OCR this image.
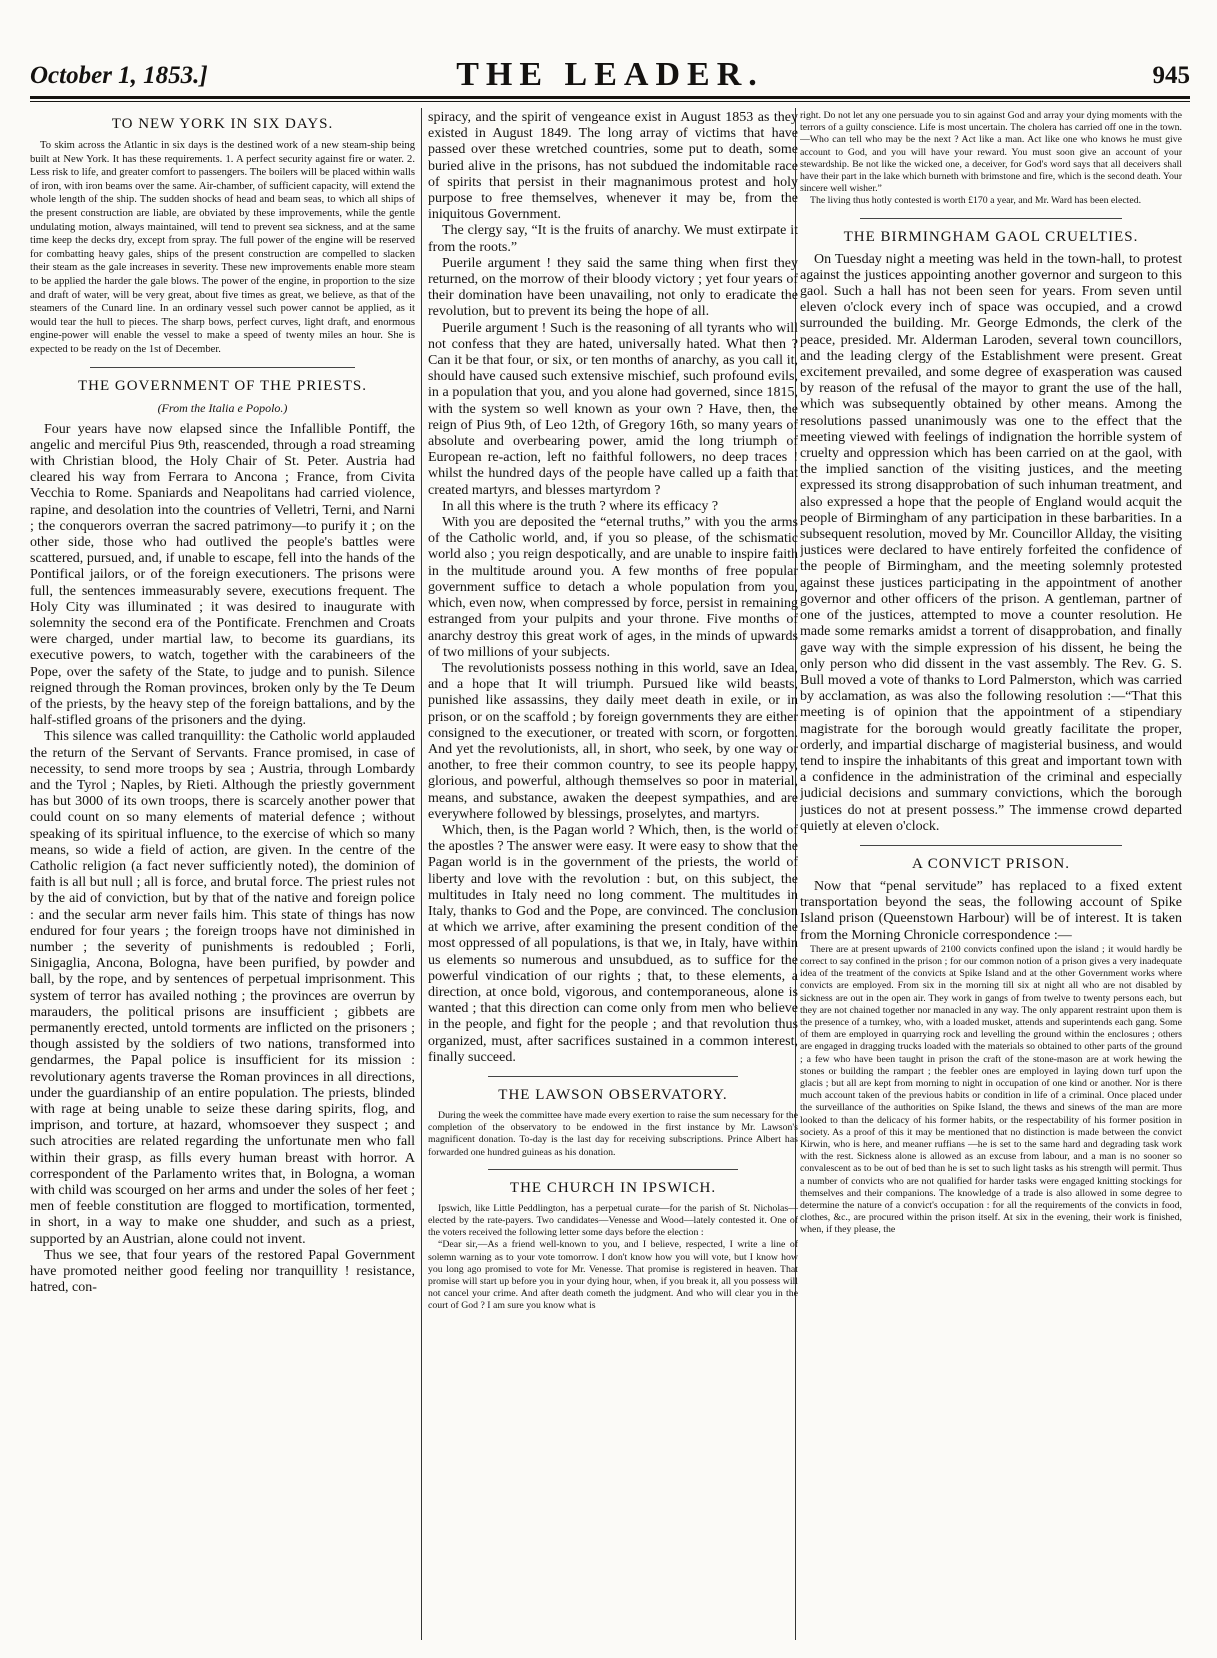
October 1, 1853.]	THE LEADER.	945
TO NEW YORK IN SIX DAYS.

To skim across the Atlantic in six days is the destined work of a new steam-ship being built at New York. It has these requirements. 1. A perfect security against fire or water. 2. Less risk to life, and greater comfort to passengers. The boilers will be placed within walls of iron, with iron beams over the same. Air-chamber, of sufficient capacity, will extend the whole length of the ship. The sudden shocks of head and beam seas, to which all ships of the present construction are liable, are obviated by these improvements, while the gentle undulating motion, always maintained, will tend to prevent sea sickness, and at the same time keep the decks dry, except from spray. The full power of the engine will be reserved for combatting heavy gales, ships of the present construction are compelled to slacken their steam as the gale increases in severity. These new improvements enable more steam to be applied the harder the gale blows. The power of the engine, in proportion to the size and draft of water, will be very great, about five times as great, we believe, as that of the steamers of the Cunard line. In an ordinary vessel such power cannot be applied, as it would tear the hull to pieces. The sharp bows, perfect curves, light draft, and enormous engine-power will enable the vessel to make a speed of twenty miles an hour. She is expected to be ready on the 1st of December.

THE GOVERNMENT OF THE PRIESTS.
(From the Italia e Popolo.)

Four years have now elapsed since the Infallible Pontiff, the angelic and merciful Pius 9th, reascended, through a road streaming with Christian blood, the Holy Chair of St. Peter. Austria had cleared his way from Ferrara to Ancona ; France, from Civita Vecchia to Rome. Spaniards and Neapolitans had carried violence, rapine, and desolation into the countries of Velletri, Terni, and Narni ; the conquerors overran the sacred patrimony—to purify it ; on the other side, those who had outlived the people's battles were scattered, pursued, and, if unable to escape, fell into the hands of the Pontifical jailors, or of the foreign executioners. The prisons were full, the sentences immeasurably severe, executions frequent. The Holy City was illuminated ; it was desired to inaugurate with solemnity the second era of the Pontificate. Frenchmen and Croats were charged, under martial law, to become its guardians, its executive powers, to watch, together with the carabineers of the Pope, over the safety of the State, to judge and to punish. Silence reigned through the Roman provinces, broken only by the Te Deum of the priests, by the heavy step of the foreign battalions, and by the half-stifled groans of the prisoners and the dying.

This silence was called tranquillity: the Catholic world applauded the return of the Servant of Servants. France promised, in case of necessity, to send more troops by sea ; Austria, through Lombardy and the Tyrol ; Naples, by Rieti. Although the priestly government has but 3000 of its own troops, there is scarcely another power that could count on so many elements of material defence ; without speaking of its spiritual influence, to the exercise of which so many means, so wide a field of action, are given. In the centre of the Catholic religion (a fact never sufficiently noted), the dominion of faith is all but null ; all is force, and brutal force. The priest rules not by the aid of conviction, but by that of the native and foreign police : and the secular arm never fails him. This state of things has now endured for four years ; the foreign troops have not diminished in number ; the severity of punishments is redoubled ; Forli, Sinigaglia, Ancona, Bologna, have been purified, by powder and ball, by the rope, and by sentences of perpetual imprisonment. This system of terror has availed nothing ; the provinces are overrun by marauders, the political prisons are insufficient ; gibbets are permanently erected, untold torments are inflicted on the prisoners ; though assisted by the soldiers of two nations, transformed into gendarmes, the Papal police is insufficient for its mission : revolutionary agents traverse the Roman provinces in all directions, under the guardianship of an entire population. The priests, blinded with rage at being unable to seize these daring spirits, flog, and imprison, and torture, at hazard, whomsoever they suspect ; and such atrocities are related regarding the unfortunate men who fall within their grasp, as fills every human breast with horror. A correspondent of the Parlamento writes that, in Bologna, a woman with child was scourged on her arms and under the soles of her feet ; men of feeble constitution are flogged to mortification, tormented, in short, in a way to make one shudder, and such as a priest, supported by an Austrian, alone could not invent.

Thus we see, that four years of the restored Papal Government have promoted neither good feeling nor tranquillity ! resistance, hatred, con-

spiracy, and the spirit of vengeance exist in August 1853 as they existed in August 1849. The long array of victims that have passed over these wretched countries, some put to death, some buried alive in the prisons, has not subdued the indomitable race of spirits that persist in their magnanimous protest and holy purpose to free themselves, whenever it may be, from the iniquitous Government.

The clergy say, “It is the fruits of anarchy. We must extirpate it from the roots.”

Puerile argument ! they said the same thing when first they returned, on the morrow of their bloody victory ; yet four years of their domination have been unavailing, not only to eradicate the revolution, but to prevent its being the hope of all.

Puerile argument ! Such is the reasoning of all tyrants who will not confess that they are hated, universally hated. What then ? Can it be that four, or six, or ten months of anarchy, as you call it, should have caused such extensive mischief, such profound evils, in a population that you, and you alone had governed, since 1815, with the system so well known as your own ? Have, then, the reign of Pius 9th, of Leo 12th, of Gregory 16th, so many years of absolute and overbearing power, amid the long triumph of European re-action, left no faithful followers, no deep traces ! whilst the hundred days of the people have called up a faith that created martyrs, and blesses martyrdom ?

In all this where is the truth ? where its efficacy ?

With you are deposited the “eternal truths,” with you the arms of the Catholic world, and, if you so please, of the schismatic world also ; you reign despotically, and are unable to inspire faith in the multitude around you. A few months of free popular government suffice to detach a whole population from you, which, even now, when compressed by force, persist in remaining estranged from your pulpits and your throne. Five months of anarchy destroy this great work of ages, in the minds of upwards of two millions of your subjects.

The revolutionists possess nothing in this world, save an Idea, and a hope that It will triumph. Pursued like wild beasts, punished like assassins, they daily meet death in exile, or in prison, or on the scaffold ; by foreign governments they are either consigned to the executioner, or treated with scorn, or forgotten. And yet the revolutionists, all, in short, who seek, by one way or another, to free their common country, to see its people happy, glorious, and powerful, although themselves so poor in material, means, and substance, awaken the deepest sympathies, and are everywhere followed by blessings, proselytes, and martyrs.

Which, then, is the Pagan world ? Which, then, is the world of the apostles ? The answer were easy. It were easy to show that the Pagan world is in the government of the priests, the world of liberty and love with the revolution : but, on this subject, the multitudes in Italy need no long comment. The multitudes in Italy, thanks to God and the Pope, are convinced. The conclusion at which we arrive, after examining the present condition of the most oppressed of all populations, is that we, in Italy, have within us elements so numerous and unsubdued, as to suffice for the powerful vindication of our rights ; that, to these elements, a direction, at once bold, vigorous, and contemporaneous, alone is wanted ; that this direction can come only from men who believe in the people, and fight for the people ; and that revolution thus organized, must, after sacrifices sustained in a common interest, finally succeed.

THE LAWSON OBSERVATORY.

During the week the committee have made every exertion to raise the sum necessary for the completion of the observatory to be endowed in the first instance by Mr. Lawson's magnificent donation. To-day is the last day for receiving subscriptions. Prince Albert has forwarded one hundred guineas as his donation.

THE CHURCH IN IPSWICH.

Ipswich, like Little Peddlington, has a perpetual curate—for the parish of St. Nicholas—elected by the rate-payers. Two candidates—Venesse and Wood—lately contested it. One of the voters received the following letter some days before the election :

“Dear sir,—As a friend well-known to you, and I believe, respected, I write a line of solemn warning as to your vote tomorrow. I don't know how you will vote, but I know how you long ago promised to vote for Mr. Venesse. That promise is registered in heaven. That promise will start up before you in your dying hour, when, if you break it, all you possess will not cancel your crime. And after death cometh the judgment. And who will clear you in the court of God ? I am sure you know what is

right. Do not let any one persuade you to sin against God and array your dying moments with the terrors of a guilty conscience. Life is most uncertain. The cholera has carried off one in the town.—Who can tell who may be the next ? Act like a man. Act like one who knows he must give account to God, and you will have your reward. You must soon give an account of your stewardship. Be not like the wicked one, a deceiver, for God's word says that all deceivers shall have their part in the lake which burneth with brimstone and fire, which is the second death. Your sincere well wisher.”

The living thus hotly contested is worth £170 a year, and Mr. Ward has been elected.

THE BIRMINGHAM GAOL CRUELTIES.

On Tuesday night a meeting was held in the town-hall, to protest against the justices appointing another governor and surgeon to this gaol. Such a hall has not been seen for years. From seven until eleven o'clock every inch of space was occupied, and a crowd surrounded the building. Mr. George Edmonds, the clerk of the peace, presided. Mr. Alderman Laroden, several town councillors, and the leading clergy of the Establishment were present. Great excitement prevailed, and some degree of exasperation was caused by reason of the refusal of the mayor to grant the use of the hall, which was subsequently obtained by other means. Among the resolutions passed unanimously was one to the effect that the meeting viewed with feelings of indignation the horrible system of cruelty and oppression which has been carried on at the gaol, with the implied sanction of the visiting justices, and the meeting expressed its strong disapprobation of such inhuman treatment, and also expressed a hope that the people of England would acquit the people of Birmingham of any participation in these barbarities. In a subsequent resolution, moved by Mr. Councillor Allday, the visiting justices were declared to have entirely forfeited the confidence of the people of Birmingham, and the meeting solemnly protested against these justices participating in the appointment of another governor and other officers of the prison. A gentleman, partner of one of the justices, attempted to move a counter resolution. He made some remarks amidst a torrent of disapprobation, and finally gave way with the simple expression of his dissent, he being the only person who did dissent in the vast assembly. The Rev. G. S. Bull moved a vote of thanks to Lord Palmerston, which was carried by acclamation, as was also the following resolution :—“That this meeting is of opinion that the appointment of a stipendiary magistrate for the borough would greatly facilitate the proper, orderly, and impartial discharge of magisterial business, and would tend to inspire the inhabitants of this great and important town with a confidence in the administration of the criminal and especially judicial decisions and summary convictions, which the borough justices do not at present possess.” The immense crowd departed quietly at eleven o'clock.

A CONVICT PRISON.

Now that “penal servitude” has replaced to a fixed extent transportation beyond the seas, the following account of Spike Island prison (Queenstown Harbour) will be of interest. It is taken from the Morning Chronicle correspondence :—

There are at present upwards of 2100 convicts confined upon the island ; it would hardly be correct to say confined in the prison ; for our common notion of a prison gives a very inadequate idea of the treatment of the convicts at Spike Island and at the other Government works where convicts are employed. From six in the morning till six at night all who are not disabled by sickness are out in the open air. They work in gangs of from twelve to twenty persons each, but they are not chained together nor manacled in any way. The only apparent restraint upon them is the presence of a turnkey, who, with a loaded musket, attends and superintends each gang. Some of them are employed in quarrying rock and levelling the ground within the enclosures ; others are engaged in dragging trucks loaded with the materials so obtained to other parts of the ground ; a few who have been taught in prison the craft of the stone-mason are at work hewing the stones or building the rampart ; the feebler ones are employed in laying down turf upon the glacis ; but all are kept from morning to night in occupation of one kind or another. Nor is there much account taken of the previous habits or condition in life of a criminal. Once placed under the surveillance of the authorities on Spike Island, the thews and sinews of the man are more looked to than the delicacy of his former habits, or the respectability of his former position in society. As a proof of this it may be mentioned that no distinction is made between the convict Kirwin, who is here, and meaner ruffians —he is set to the same hard and degrading task work with the rest. Sickness alone is allowed as an excuse from labour, and a man is no sooner so convalescent as to be out of bed than he is set to such light tasks as his strength will permit. Thus a number of convicts who are not qualified for harder tasks were engaged knitting stockings for themselves and their companions. The knowledge of a trade is also allowed in some degree to determine the nature of a convict's occupation : for all the requirements of the convicts in food, clothes, &c., are procured within the prison itself. At six in the evening, their work is finished, when, if they please, the
